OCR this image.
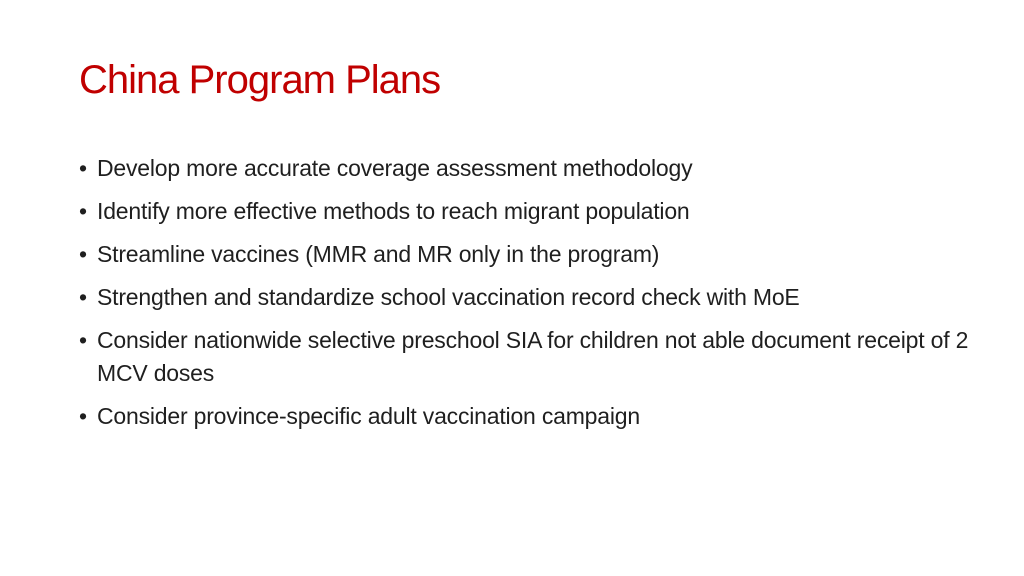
China Program Plans
• Develop more accurate coverage assessment methodology
• Identify more effective methods to reach migrant population
• Streamline vaccines (MMR and MR only in the program)
• Strengthen and standardize school vaccination record check with MoE
• Consider nationwide selective preschool SIA for children not able document receipt of 2 MCV doses
• Consider province-specific adult vaccination campaign
